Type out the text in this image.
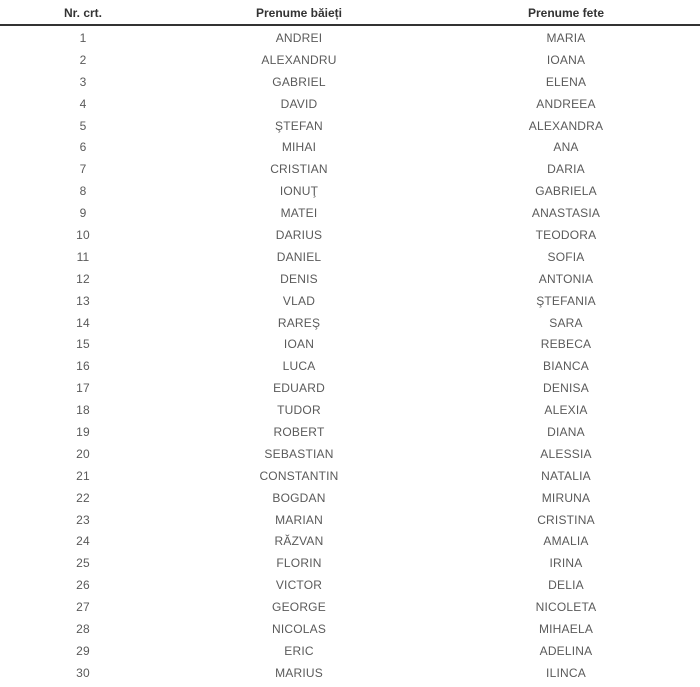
Nr. crt.	Prenume băieți	Prenume fete
1	ANDREI	MARIA
2	ALEXANDRU	IOANA
3	GABRIEL	ELENA
4	DAVID	ANDREEA
5	ŞTEFAN	ALEXANDRA
6	MIHAI	ANA
7	CRISTIAN	DARIA
8	IONUŢ	GABRIELA
9	MATEI	ANASTASIA
10	DARIUS	TEODORA
11	DANIEL	SOFIA
12	DENIS	ANTONIA
13	VLAD	ŞTEFANIA
14	RAREŞ	SARA
15	IOAN	REBECA
16	LUCA	BIANCA
17	EDUARD	DENISA
18	TUDOR	ALEXIA
19	ROBERT	DIANA
20	SEBASTIAN	ALESSIA
21	CONSTANTIN	NATALIA
22	BOGDAN	MIRUNA
23	MARIAN	CRISTINA
24	RĂZVAN	AMALIA
25	FLORIN	IRINA
26	VICTOR	DELIA
27	GEORGE	NICOLETA
28	NICOLAS	MIHAELA
29	ERIC	ADELINA
30	MARIUS	ILINCA
